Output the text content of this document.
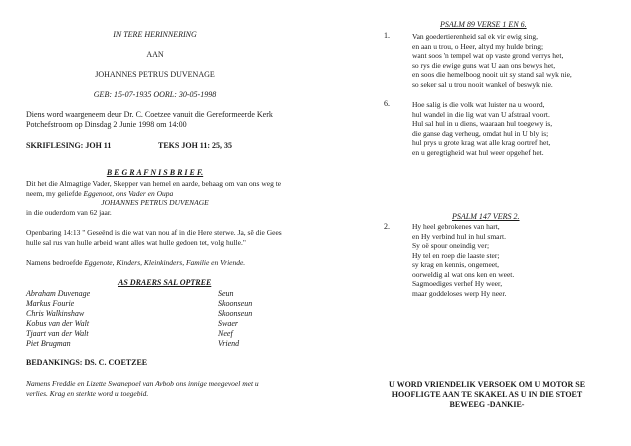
IN TERE HERINNERING
AAN
JOHANNES PETRUS DUVENAGE
GEB: 15-07-1935 OORL: 30-05-1998
Diens word waargeneem deur Dr. C. Coetzee vanuit die Gereformeerde Kerk
Potchefstroom op Dinsdag 2 Junie 1998 om 14:00
SKRIFLESING: JOH 11	TEKS JOH 11: 25, 35
B E G R A F N I S B R I E F.
Dit het die Almagtige Vader, Skepper van hemel en aarde, behaag om van ons weg te
neem, my geliefde Eggenoot, ons Vader en Oupa
JOHANNES PETRUS DUVENAGE
in die ouderdom van 62 jaar.
Openbaring 14:13 " Geseënd is die wat van nou af in die Here sterwe. Ja, sê die Gees
hulle sal rus van hulle arbeid want alles wat hulle gedoen tet, volg hulle."
Namens bedroefde Eggenote, Kinders, Kleinkinders, Familie en Vriende.
AS DRAERS SAL OPTREE
Abraham Duvenage	Seun
Markus Fourie	Skoonseun
Chris Walkinshaw	Skoonseun
Kobus van der Walt	Swaer
Tjaart van der Walt	Neef
Piet Brugman	Vriend
BEDANKINGS: DS. C. COETZEE
Namens Freddie en Lizette Swanepoel van Avbob ons innige meegevoel met u
verlies. Krag en sterkte word u toegebid.
PSALM 89 VERSE 1 EN 6.
1.	Van goedertierenheid sal ek vir ewig sing,
en aan u trou, o Heer, altyd my hulde bring;
want soos 'n tempel wat op vaste grond verrys het,
so rys die ewige guns wat U aan ons bewys het,
en soos die hemelboog nooit uit sy stand sal wyk nie,
so seker sal u trou nooit wankel of beswyk nie.
6.	Hoe salig is die volk wat luister na u woord,
hul wandel in die lig wat van U afstraal voort.
Hul sal hul in u diens, waaraan hul toegewy is,
die ganse dag verheug, omdat hul in U bly is;
hul prys u grote krag wat alle krag oortref het,
en u geregtigheid wat hul weer opgehef het.
PSALM 147 VERS 2.
2.	Hy heel gebrokenes van hart,
en Hy verbind hul in hul smart.
Sy oë spour oneindig ver;
Hy tel en roep die laaste ster;
sy krag en kennis, ongemeet,
oorweldig al wat ons ken en weet.
Sagmoediges verhef Hy weer,
maar goddeloses werp Hy neer.
U WORD VRIENDELIK VERSOEK OM U MOTOR SE
HOOFLIGTE AAN TE SKAKEL AS U IN DIE STOET
BEWEEG -DANKIE-
